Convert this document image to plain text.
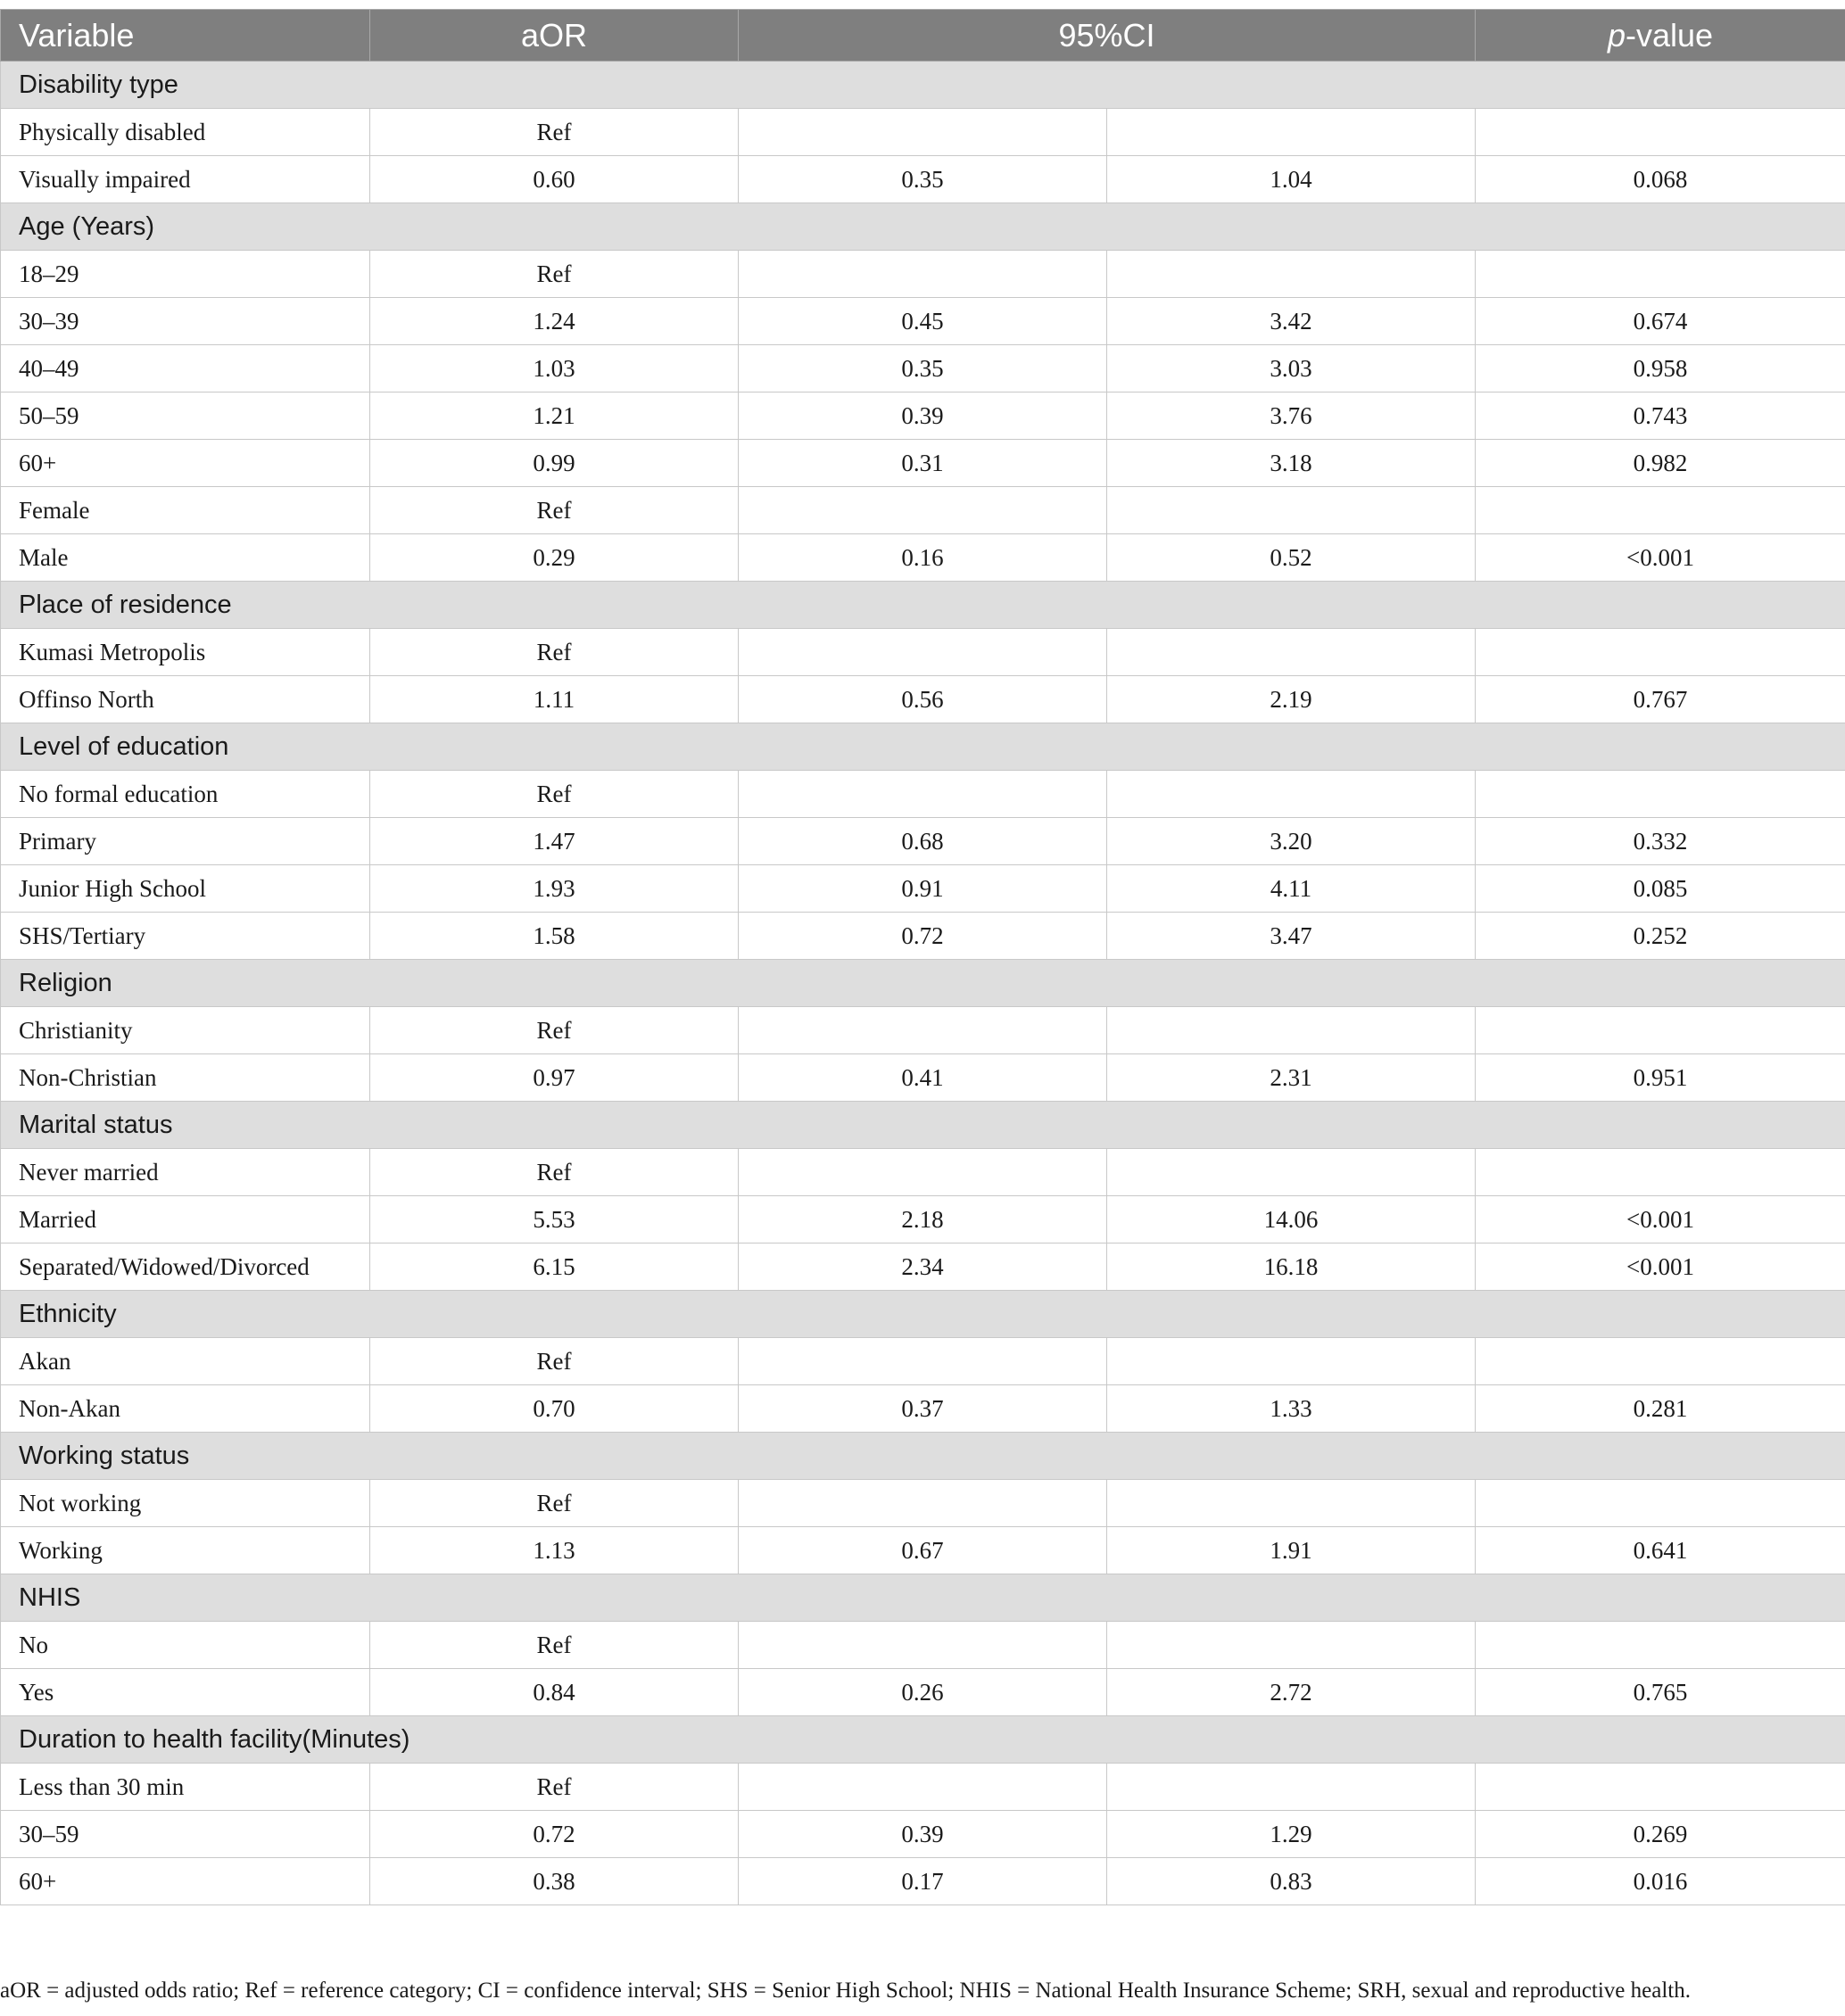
Variable	aOR	95%CI		p-value
Disability type				
Physically disabled	Ref			
Visually impaired	0.60	0.35	1.04	0.068
Age (Years)				
18–29	Ref			
30–39	1.24	0.45	3.42	0.674
40–49	1.03	0.35	3.03	0.958
50–59	1.21	0.39	3.76	0.743
60+	0.99	0.31	3.18	0.982
Female	Ref			
Male	0.29	0.16	0.52	<0.001
Place of residence				
Kumasi Metropolis	Ref			
Offinso North	1.11	0.56	2.19	0.767
Level of education				
No formal education	Ref			
Primary	1.47	0.68	3.20	0.332
Junior High School	1.93	0.91	4.11	0.085
SHS/Tertiary	1.58	0.72	3.47	0.252
Religion				
Christianity	Ref			
Non-Christian	0.97	0.41	2.31	0.951
Marital status				
Never married	Ref			
Married	5.53	2.18	14.06	<0.001
Separated/Widowed/Divorced	6.15	2.34	16.18	<0.001
Ethnicity				
Akan	Ref			
Non-Akan	0.70	0.37	1.33	0.281
Working status				
Not working	Ref			
Working	1.13	0.67	1.91	0.641
NHIS				
No	Ref			
Yes	0.84	0.26	2.72	0.765
Duration to health facility(Minutes)				
Less than 30 min	Ref			
30–59	0.72	0.39	1.29	0.269
60+	0.38	0.17	0.83	0.016
aOR = adjusted odds ratio; Ref = reference category; CI = confidence interval; SHS = Senior High School; NHIS = National Health Insurance Scheme; SRH, sexual and reproductive health.
